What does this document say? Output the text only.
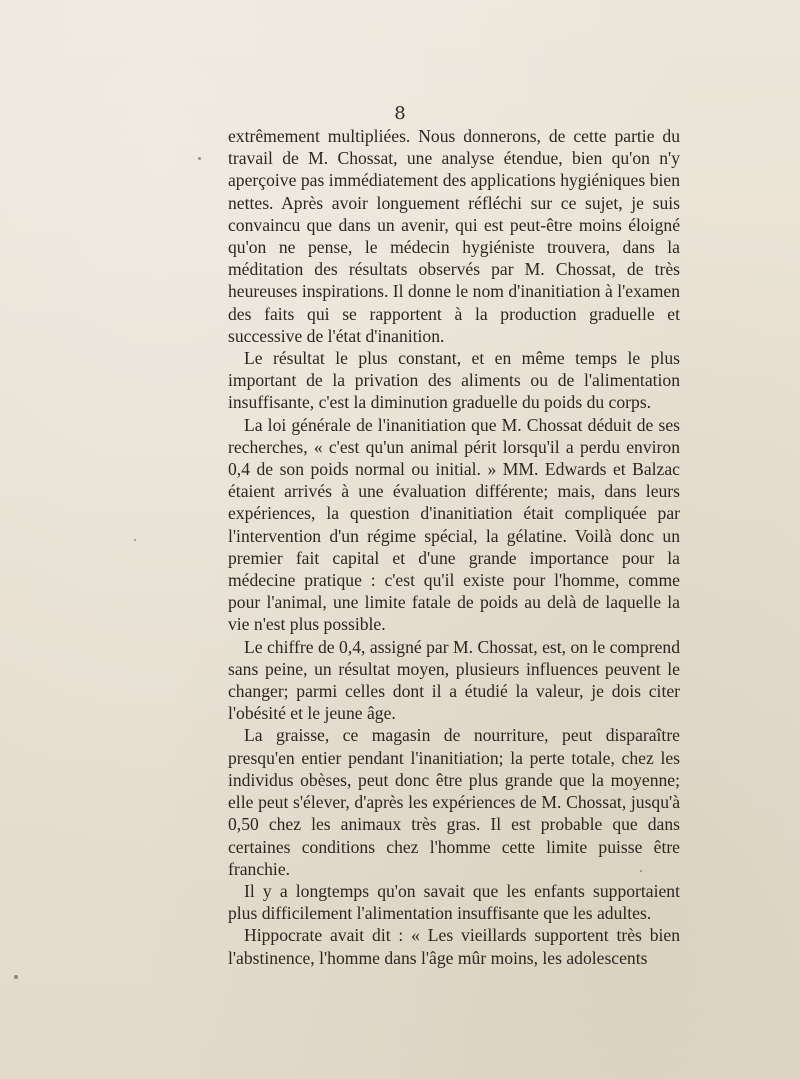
8

extrêmement multipliées. Nous donnerons, de cette partie du travail de M. Chossat, une analyse étendue, bien qu'on n'y aperçoive pas immédiatement des applications hygiéniques bien nettes. Après avoir longuement réfléchi sur ce sujet, je suis convaincu que dans un avenir, qui est peut-être moins éloigné qu'on ne pense, le médecin hygiéniste trouvera, dans la méditation des résultats observés par M. Chossat, de très heureuses inspirations. Il donne le nom d'inanitiation à l'examen des faits qui se rapportent à la production graduelle et successive de l'état d'inanition.

Le résultat le plus constant, et en même temps le plus important de la privation des aliments ou de l'alimentation insuffisante, c'est la diminution graduelle du poids du corps.

La loi générale de l'inanitiation que M. Chossat déduit de ses recherches, « c'est qu'un animal périt lorsqu'il a perdu environ 0,4 de son poids normal ou initial. » MM. Edwards et Balzac étaient arrivés à une évaluation différente; mais, dans leurs expériences, la question d'inanitiation était compliquée par l'intervention d'un régime spécial, la gélatine. Voilà donc un premier fait capital et d'une grande importance pour la médecine pratique : c'est qu'il existe pour l'homme, comme pour l'animal, une limite fatale de poids au delà de laquelle la vie n'est plus possible.

Le chiffre de 0,4, assigné par M. Chossat, est, on le comprend sans peine, un résultat moyen, plusieurs influences peuvent le changer; parmi celles dont il a étudié la valeur, je dois citer l'obésité et le jeune âge.

La graisse, ce magasin de nourriture, peut disparaître presqu'en entier pendant l'inanitiation; la perte totale, chez les individus obèses, peut donc être plus grande que la moyenne; elle peut s'élever, d'après les expériences de M. Chossat, jusqu'à 0,50 chez les animaux très gras. Il est probable que dans certaines conditions chez l'homme cette limite puisse être franchie.

Il y a longtemps qu'on savait que les enfants supportaient plus difficilement l'alimentation insuffisante que les adultes.

Hippocrate avait dit : « Les vieillards supportent très bien l'abstinence, l'homme dans l'âge mûr moins, les adolescents
